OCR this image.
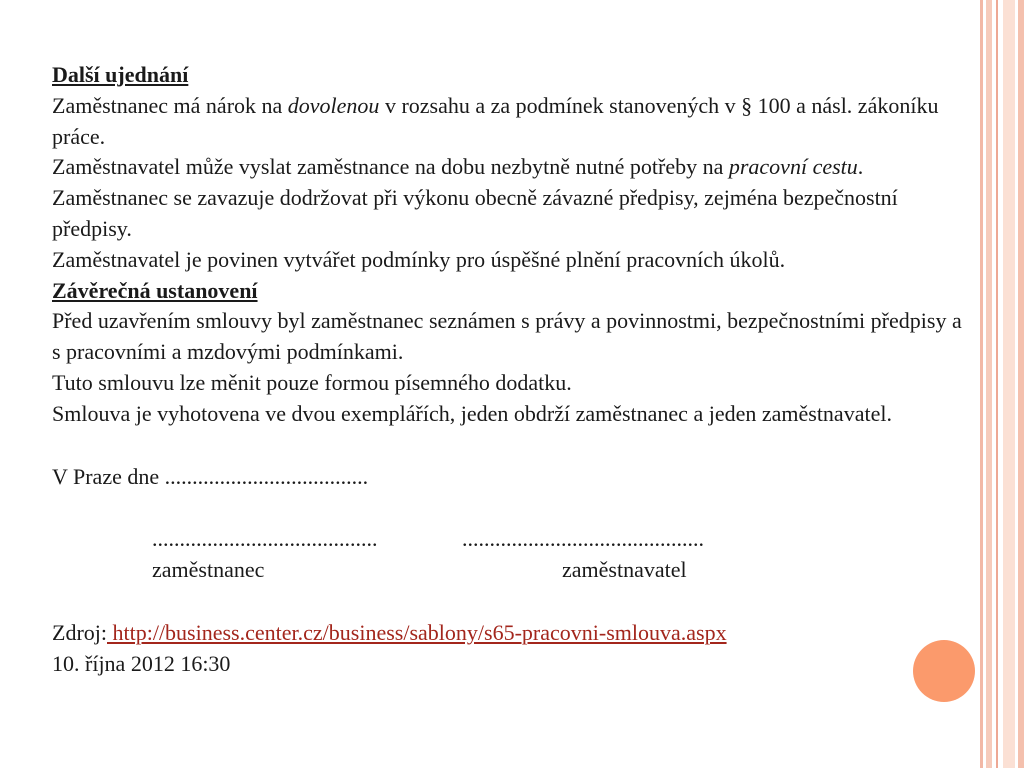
Další ujednání

Zaměstnanec má nárok na dovolenou v rozsahu a za podmínek stanovených v § 100 a násl. zákoníku práce.

Zaměstnavatel může vyslat zaměstnance na dobu nezbytně nutné potřeby na pracovní cestu.

Zaměstnanec se zavazuje dodržovat při výkonu obecně závazné předpisy, zejména bezpečnostní předpisy.

Zaměstnavatel je povinen vytvářet podmínky pro úspěšné plnění pracovních úkolů.

Závěrečná ustanovení

Před uzavřením smlouvy byl zaměstnanec seznámen s právy a povinnostmi, bezpečnostními předpisy a s pracovními a mzdovými podmínkami.

Tuto smlouvu lze měnit pouze formou písemného dodatku.

Smlouva je vyhotovena ve dvou exemplářích, jeden obdrží zaměstnanec a jeden zaměstnavatel.

V Praze dne .....................................

.........................................	............................................
zaměstnanec	zaměstnavatel

Zdroj: http://business.center.cz/business/sablony/s65-pracovni-smlouva.aspx

10. října 2012 16:30
